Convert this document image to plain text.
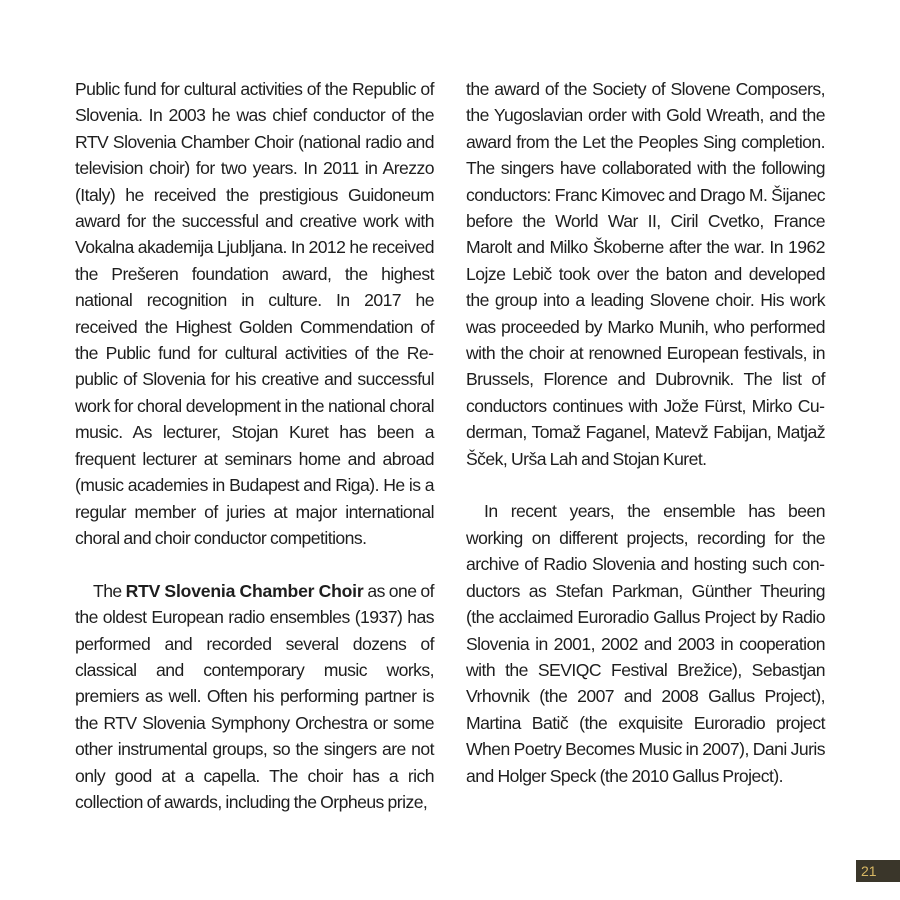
Public fund for cultural activities of the Republic of Slovenia. In 2003 he was chief conductor of the RTV Slovenia Chamber Choir (national radio and television choir) for two years. In 2011 in Arezzo (Italy) he received the prestigious Guidoneum award for the successful and creative work with Vokalna akademija Ljubljana. In 2012 he received the Prešeren foundation award, the highest national recognition in culture. In 2017 he received the Highest Golden Commendation of the Public fund for cultural activities of the Republic of Slovenia for his creative and successful work for choral development in the national choral music. As lecturer, Stojan Kuret has been a frequent lecturer at seminars home and abroad (music academies in Budapest and Riga). He is a regular member of juries at major international choral and choir conductor competitions.

The RTV Slovenia Chamber Choir as one of the oldest European radio ensembles (1937) has performed and recorded several dozens of classical and contemporary music works, premiers as well. Often his performing partner is the RTV Slovenia Symphony Orchestra or some other instrumental groups, so the singers are not only good at a capella. The choir has a rich collection of awards, including the Orpheus prize,

the award of the Society of Slovene Composers, the Yugoslavian order with Gold Wreath, and the award from the Let the Peoples Sing completion. The singers have collaborated with the following conductors: Franc Kimovec and Drago M. Šijanec before the World War II, Ciril Cvetko, France Marolt and Milko Škoberne after the war. In 1962 Lojze Lebič took over the baton and developed the group into a leading Slovene choir. His work was proceeded by Marko Munih, who performed with the choir at renowned European festivals, in Brussels, Florence and Dubrovnik. The list of conductors continues with Jože Fürst, Mirko Cuderman, Tomaž Faganel, Matevž Fabijan, Matjaž Šček, Urša Lah and Stojan Kuret.

In recent years, the ensemble has been working on different projects, recording for the archive of Radio Slovenia and hosting such conductors as Stefan Parkman, Günther Theuring (the acclaimed Euroradio Gallus Project by Radio Slovenia in 2001, 2002 and 2003 in cooperation with the SEVIQC Festival Brežice), Sebastjan Vrhovnik (the 2007 and 2008 Gallus Project), Martina Batič (the exquisite Euroradio project When Poetry Becomes Music in 2007), Dani Juris and Holger Speck (the 2010 Gallus Project).

21
